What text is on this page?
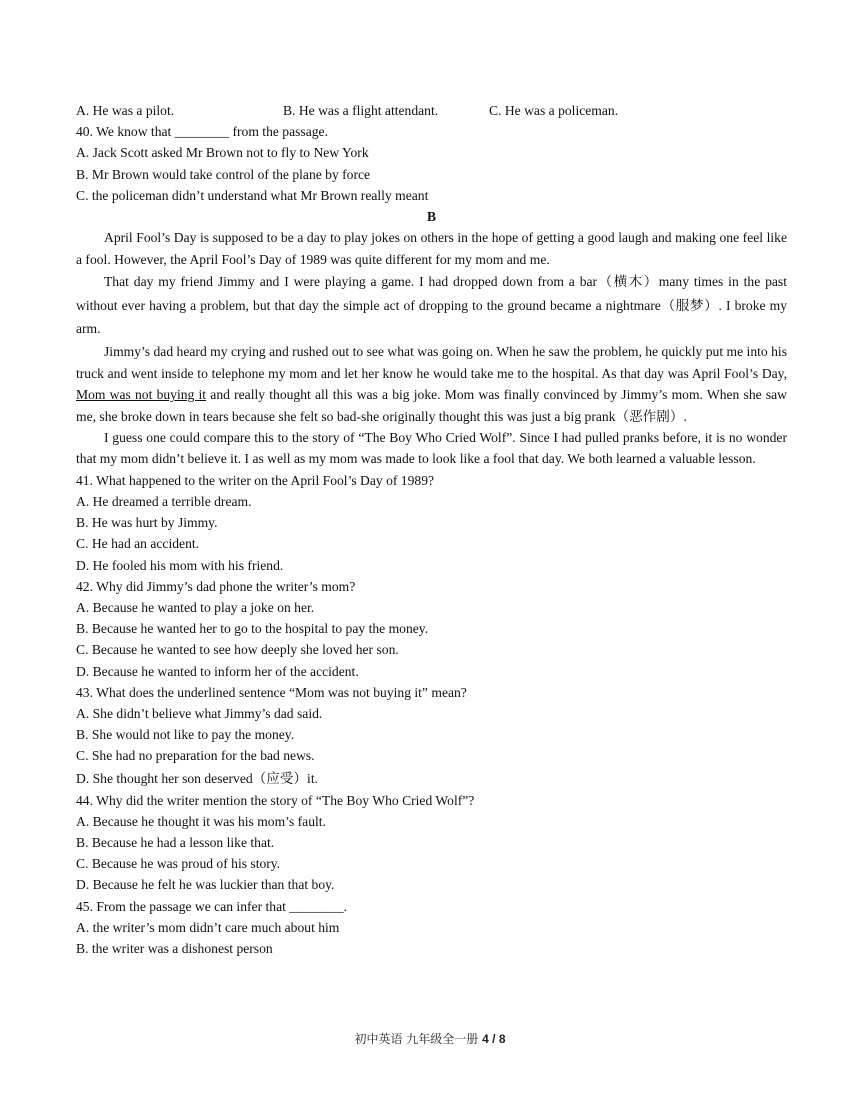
A. He was a pilot.	B. He was a flight attendant.	C. He was a policeman.
40. We know that ________ from the passage.
A. Jack Scott asked Mr Brown not to fly to New York
B. Mr Brown would take control of the plane by force
C. the policeman didn’t understand what Mr Brown really meant
B

April Fool’s Day is supposed to be a day to play jokes on others in the hope of getting a good laugh and making one feel like a fool. However, the April Fool’s Day of 1989 was quite different for my mom and me.

That day my friend Jimmy and I were playing a game. I had dropped down from a bar（横木）many times in the past without ever having a problem, but that day the simple act of dropping to the ground became a nightmare（服梦）. I broke my arm.

Jimmy’s dad heard my crying and rushed out to see what was going on. When he saw the problem, he quickly put me into his truck and went inside to telephone my mom and let her know he would take me to the hospital. As that day was April Fool’s Day, Mom was not buying it and really thought all this was a big joke. Mom was finally convinced by Jimmy’s mom. When she saw me, she broke down in tears because she felt so bad-she originally thought this was just a big prank（恶作剧）.

I guess one could compare this to the story of “The Boy Who Cried Wolf”. Since I had pulled pranks before, it is no wonder that my mom didn’t believe it. I as well as my mom was made to look like a fool that day. We both learned a valuable lesson.

41. What happened to the writer on the April Fool’s Day of 1989?
A. He dreamed a terrible dream.
B. He was hurt by Jimmy.
C. He had an accident.
D. He fooled his mom with his friend.
42. Why did Jimmy’s dad phone the writer’s mom?
A. Because he wanted to play a joke on her.
B. Because he wanted her to go to the hospital to pay the money.
C. Because he wanted to see how deeply she loved her son.
D. Because he wanted to inform her of the accident.
43. What does the underlined sentence “Mom was not buying it” mean?
A. She didn’t believe what Jimmy’s dad said.
B. She would not like to pay the money.
C. She had no preparation for the bad news.
D. She thought her son deserved（应受）it.
44. Why did the writer mention the story of “The Boy Who Cried Wolf”?
A. Because he thought it was his mom’s fault.
B. Because he had a lesson like that.
C. Because he was proud of his story.
D. Because he felt he was luckier than that boy.
45. From the passage we can infer that ________.
A. the writer’s mom didn’t care much about him
B. the writer was a dishonest person
初中英语 九年级全一册 4 / 8
